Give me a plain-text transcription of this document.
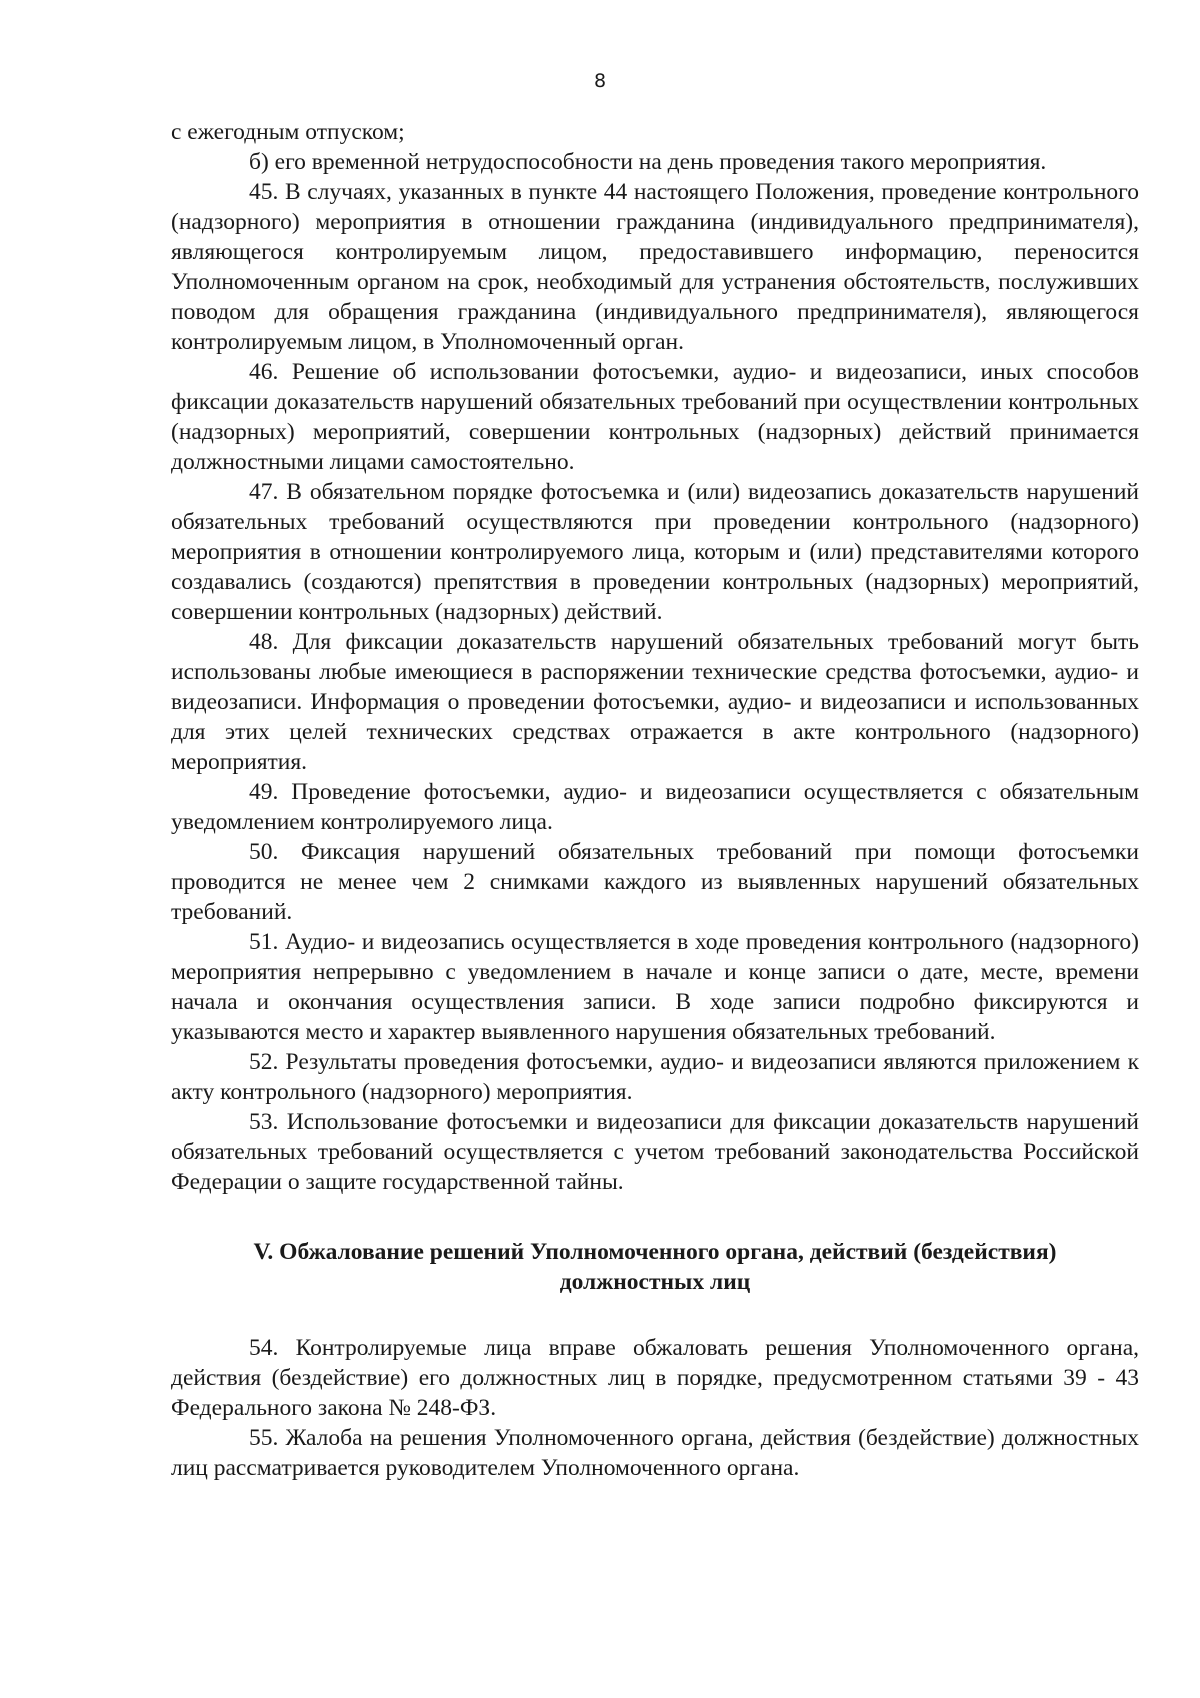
8

с ежегодным отпуском;

б) его временной нетрудоспособности на день проведения такого мероприятия.

45. В случаях, указанных в пункте 44 настоящего Положения, проведение контрольного (надзорного) мероприятия в отношении гражданина (индивидуального предпринимателя), являющегося контролируемым лицом, предоставившего информацию, переносится Уполномоченным органом на срок, необходимый для устранения обстоятельств, послуживших поводом для обращения гражданина (индивидуального предпринимателя), являющегося контролируемым лицом, в Уполномоченный орган.

46. Решение об использовании фотосъемки, аудио- и видеозаписи, иных способов фиксации доказательств нарушений обязательных требований при осуществлении контрольных (надзорных) мероприятий, совершении контрольных (надзорных) действий принимается должностными лицами самостоятельно.

47. В обязательном порядке фотосъемка и (или) видеозапись доказательств нарушений обязательных требований осуществляются при проведении контрольного (надзорного) мероприятия в отношении контролируемого лица, которым и (или) представителями которого создавались (создаются) препятствия в проведении контрольных (надзорных) мероприятий, совершении контрольных (надзорных) действий.

48. Для фиксации доказательств нарушений обязательных требований могут быть использованы любые имеющиеся в распоряжении технические средства фотосъемки, аудио- и видеозаписи. Информация о проведении фотосъемки, аудио- и видеозаписи и использованных для этих целей технических средствах отражается в акте контрольного (надзорного) мероприятия.

49. Проведение фотосъемки, аудио- и видеозаписи осуществляется с обязательным уведомлением контролируемого лица.

50. Фиксация нарушений обязательных требований при помощи фотосъемки проводится не менее чем 2 снимками каждого из выявленных нарушений обязательных требований.

51. Аудио- и видеозапись осуществляется в ходе проведения контрольного (надзорного) мероприятия непрерывно с уведомлением в начале и конце записи о дате, месте, времени начала и окончания осуществления записи. В ходе записи подробно фиксируются и указываются место и характер выявленного нарушения обязательных требований.

52. Результаты проведения фотосъемки, аудио- и видеозаписи являются приложением к акту контрольного (надзорного) мероприятия.

53. Использование фотосъемки и видеозаписи для фиксации доказательств нарушений обязательных требований осуществляется с учетом требований законодательства Российской Федерации о защите государственной тайны.

V. Обжалование решений Уполномоченного органа, действий (бездействия)
должностных лиц

54. Контролируемые лица вправе обжаловать решения Уполномоченного органа, действия (бездействие) его должностных лиц в порядке, предусмотренном статьями 39 - 43 Федерального закона № 248-ФЗ.

55. Жалоба на решения Уполномоченного органа, действия (бездействие) должностных лиц рассматривается руководителем Уполномоченного органа.
